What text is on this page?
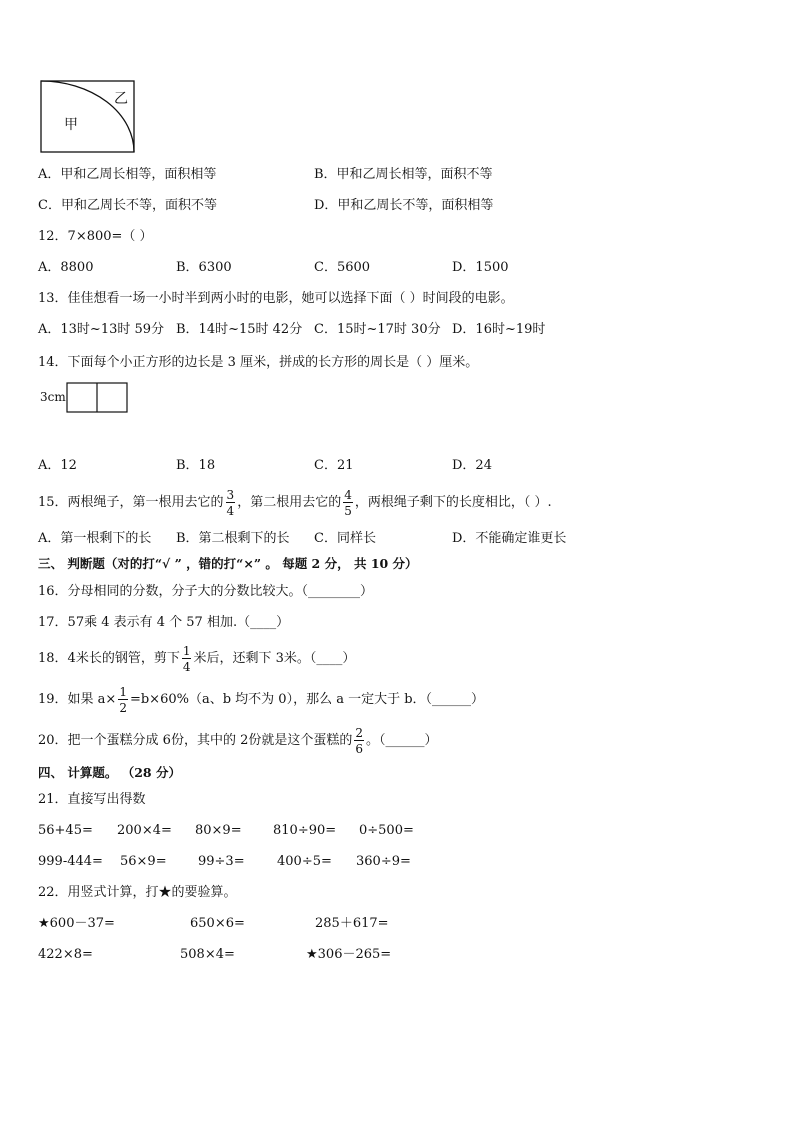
甲
乙
A．甲和乙周长相等，面积相等	B．甲和乙周长相等，面积不等
C．甲和乙周长不等，面积不等	D．甲和乙周长不等，面积相等
12．7×800=（ ）
A．8800	B．6300	C．5600	D．1500
13．佳佳想看一场一小时半到两小时的电影，她可以选择下面（ ）时间段的电影。
A．13时~13时 59分 B．14时~15时 42分 C．15时~17时 30分 D．16时~19时
14．下面每个小正方形的边长是 3 厘米，拼成的长方形的周长是（ ）厘米。
3cm
A．12	B．18	C．21	D．24
15．两根绳子，第一根用去它的 $\frac{3}{4}$ ，第二根用去它的 $\frac{4}{5}$ ，两根绳子剩下的长度相比，（ ）.
A．第一根剩下的长 B．第二根剩下的长 C．同样长	D．不能确定谁更长
三、 判断题（对的打“√ ” ，错的打“×” 。 每题 2 分， 共 10 分）
16．分母相同的分数，分子大的分数比较大。（________）
17．57乘 4 表示有 4 个 57 相加.（____）
18．4米长的钢管，剪下 $\frac{1}{4}$ 米后，还剩下 3米。（____）
19．如果 $a\times \frac{1}{2} =b\times 60\%(a$、b 均不为 0），那么 a 一定大于 b．（______）
20．把一个蛋糕分成 6份，其中的 2份就是这个蛋糕的 $\frac{2}{6}$ 。（______）
四、 计算题。 （28 分）
21．直接写出得数
56+45= 200×4= 80×9= 810÷90= 0÷500=
999-444= 56×9= 99÷3= 400÷5= 360÷9=
22．用竖式计算，打★的要验算。
★600－37=	650×6=	285＋617=
422×8=	508×4=	★306－265=
